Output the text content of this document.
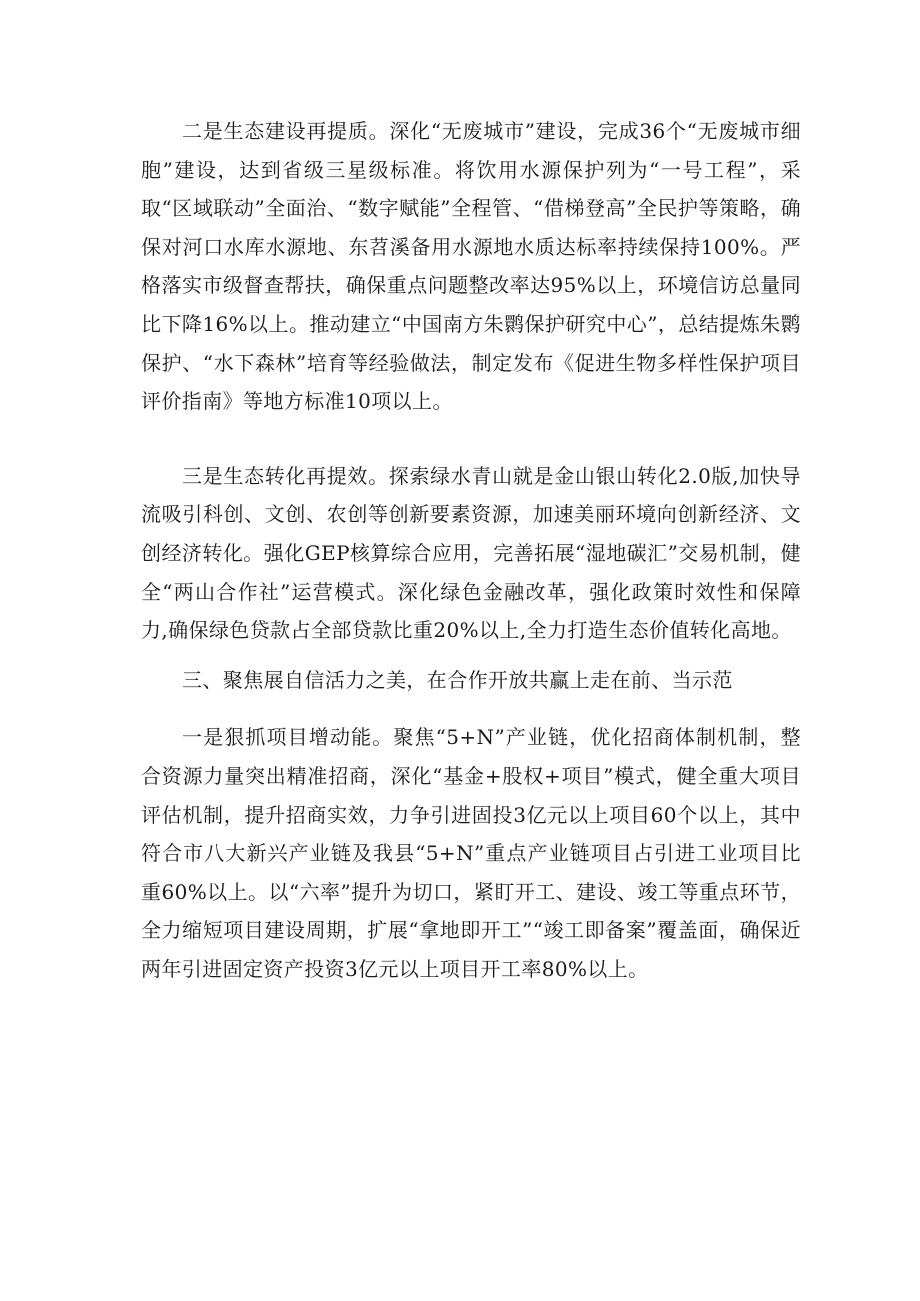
二是生态建设再提质。深化“无废城市”建设，完成36个“无废城市细胞”建设，达到省级三星级标准。将饮用水源保护列为“一号工程”，采取“区域联动”全面治、“数字赋能”全程管、“借梯登高”全民护等策略，确保对河口水库水源地、东苕溪备用水源地水质达标率持续保持100%。严格落实市级督查帮扶，确保重点问题整改率达95%以上，环境信访总量同比下降16%以上。推动建立“中国南方朱鹮保护研究中心”，总结提炼朱鹮保护、“水下森林”培育等经验做法，制定发布《促进生物多样性保护项目评价指南》等地方标准10项以上。

三是生态转化再提效。探索绿水青山就是金山银山转化2.0版,加快导流吸引科创、文创、农创等创新要素资源，加速美丽环境向创新经济、文创经济转化。强化GEP核算综合应用，完善拓展“湿地碳汇”交易机制，健全“两山合作社”运营模式。深化绿色金融改革，强化政策时效性和保障力,确保绿色贷款占全部贷款比重20%以上,全力打造生态价值转化高地。

三、聚焦展自信活力之美，在合作开放共赢上走在前、当示范

一是狠抓项目增动能。聚焦“5+N”产业链，优化招商体制机制，整合资源力量突出精准招商，深化“基金+股权+项目”模式，健全重大项目评估机制，提升招商实效，力争引进固投3亿元以上项目60个以上，其中符合市八大新兴产业链及我县“5+N”重点产业链项目占引进工业项目比重60%以上。以“六率”提升为切口，紧盯开工、建设、竣工等重点环节，全力缩短项目建设周期，扩展“拿地即开工”“竣工即备案”覆盖面，确保近两年引进固定资产投资3亿元以上项目开工率80%以上。
